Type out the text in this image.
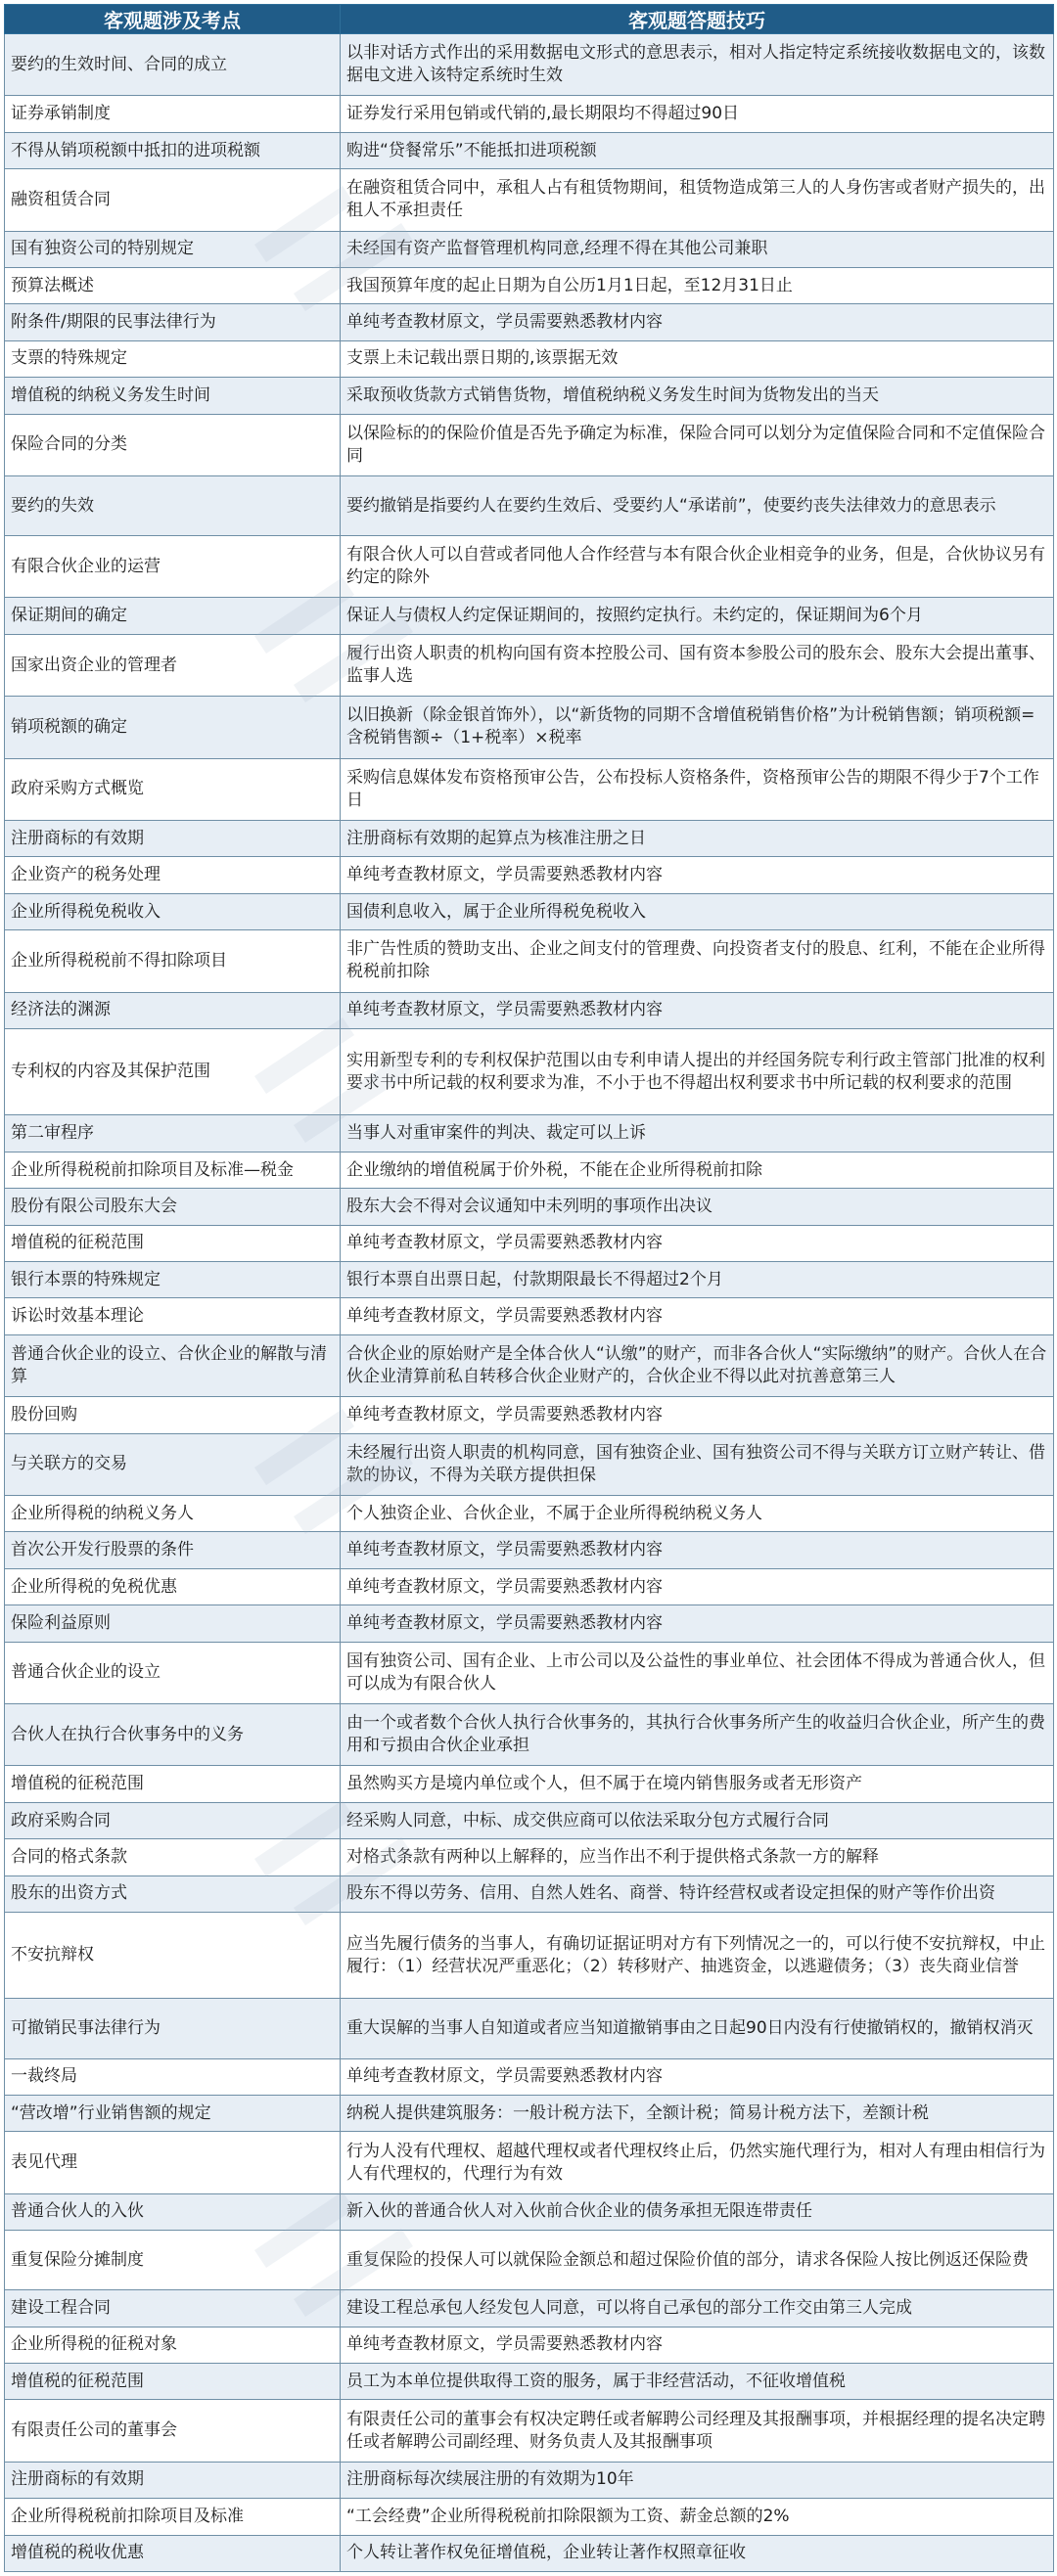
客观题涉及考点	客观题答题技巧
要约的生效时间、合同的成立	以非对话方式作出的采用数据电文形式的意思表示，相对人指定特定系统接收数据电文的，该数据电文进入该特定系统时生效
证券承销制度	证券发行采用包销或代销的,最长期限均不得超过90日
不得从销项税额中抵扣的进项税额	购进“贷餐常乐”不能抵扣进项税额
融资租赁合同	在融资租赁合同中，承租人占有租赁物期间，租赁物造成第三人的人身伤害或者财产损失的，出租人不承担责任
国有独资公司的特别规定	未经国有资产监督管理机构同意,经理不得在其他公司兼职
预算法概述	我国预算年度的起止日期为自公历1月1日起，至12月31日止
附条件/期限的民事法律行为	单纯考查教材原文，学员需要熟悉教材内容
支票的特殊规定	支票上未记载出票日期的,该票据无效
增值税的纳税义务发生时间	采取预收货款方式销售货物，增值税纳税义务发生时间为货物发出的当天
保险合同的分类	以保险标的的保险价值是否先予确定为标准，保险合同可以划分为定值保险合同和不定值保险合同
要约的失效	要约撤销是指要约人在要约生效后、受要约人“承诺前”，使要约丧失法律效力的意思表示
有限合伙企业的运营	有限合伙人可以自营或者同他人合作经营与本有限合伙企业相竞争的业务，但是，合伙协议另有约定的除外
保证期间的确定	保证人与债权人约定保证期间的，按照约定执行。未约定的，保证期间为6个月
国家出资企业的管理者	履行出资人职责的机构向国有资本控股公司、国有资本参股公司的股东会、股东大会提出董事、监事人选
销项税额的确定	以旧换新（除金银首饰外），以“新货物的同期不含增值税销售价格”为计税销售额；销项税额=含税销售额÷（1+税率）×税率
政府采购方式概览	采购信息媒体发布资格预审公告，公布投标人资格条件，资格预审公告的期限不得少于7个工作日
注册商标的有效期	注册商标有效期的起算点为核准注册之日
企业资产的税务处理	单纯考查教材原文，学员需要熟悉教材内容
企业所得税免税收入	国债利息收入，属于企业所得税免税收入
企业所得税税前不得扣除项目	非广告性质的赞助支出、企业之间支付的管理费、向投资者支付的股息、红利，不能在企业所得税税前扣除
经济法的渊源	单纯考查教材原文，学员需要熟悉教材内容
专利权的内容及其保护范围	实用新型专利的专利权保护范围以由专利申请人提出的并经国务院专利行政主管部门批准的权利要求书中所记载的权利要求为准，不小于也不得超出权利要求书中所记载的权利要求的范围
第二审程序	当事人对重审案件的判决、裁定可以上诉
企业所得税税前扣除项目及标准—税金	企业缴纳的增值税属于价外税，不能在企业所得税前扣除
股份有限公司股东大会	股东大会不得对会议通知中未列明的事项作出决议
增值税的征税范围	单纯考查教材原文，学员需要熟悉教材内容
银行本票的特殊规定	银行本票自出票日起，付款期限最长不得超过2个月
诉讼时效基本理论	单纯考查教材原文，学员需要熟悉教材内容
普通合伙企业的设立、合伙企业的解散与清算	合伙企业的原始财产是全体合伙人“认缴”的财产，而非各合伙人“实际缴纳”的财产。合伙人在合伙企业清算前私自转移合伙企业财产的，合伙企业不得以此对抗善意第三人
股份回购	单纯考查教材原文，学员需要熟悉教材内容
与关联方的交易	未经履行出资人职责的机构同意，国有独资企业、国有独资公司不得与关联方订立财产转让、借款的协议，不得为关联方提供担保
企业所得税的纳税义务人	个人独资企业、合伙企业，不属于企业所得税纳税义务人
首次公开发行股票的条件	单纯考查教材原文，学员需要熟悉教材内容
企业所得税的免税优惠	单纯考查教材原文，学员需要熟悉教材内容
保险利益原则	单纯考查教材原文，学员需要熟悉教材内容
普通合伙企业的设立	国有独资公司、国有企业、上市公司以及公益性的事业单位、社会团体不得成为普通合伙人，但可以成为有限合伙人
合伙人在执行合伙事务中的义务	由一个或者数个合伙人执行合伙事务的，其执行合伙事务所产生的收益归合伙企业，所产生的费用和亏损由合伙企业承担
增值税的征税范围	虽然购买方是境内单位或个人，但不属于在境内销售服务或者无形资产
政府采购合同	经采购人同意，中标、成交供应商可以依法采取分包方式履行合同
合同的格式条款	对格式条款有两种以上解释的，应当作出不利于提供格式条款一方的解释
股东的出资方式	股东不得以劳务、信用、自然人姓名、商誉、特许经营权或者设定担保的财产等作价出资
不安抗辩权	应当先履行债务的当事人，有确切证据证明对方有下列情况之一的，可以行使不安抗辩权，中止履行：（1）经营状况严重恶化；（2）转移财产、抽逃资金，以逃避债务；（3）丧失商业信誉
可撤销民事法律行为	重大误解的当事人自知道或者应当知道撤销事由之日起90日内没有行使撤销权的，撤销权消灭
一裁终局	单纯考查教材原文，学员需要熟悉教材内容
“营改增”行业销售额的规定	纳税人提供建筑服务：一般计税方法下，全额计税；简易计税方法下，差额计税
表见代理	行为人没有代理权、超越代理权或者代理权终止后，仍然实施代理行为，相对人有理由相信行为人有代理权的，代理行为有效
普通合伙人的入伙	新入伙的普通合伙人对入伙前合伙企业的债务承担无限连带责任
重复保险分摊制度	重复保险的投保人可以就保险金额总和超过保险价值的部分，请求各保险人按比例返还保险费
建设工程合同	建设工程总承包人经发包人同意，可以将自己承包的部分工作交由第三人完成
企业所得税的征税对象	单纯考查教材原文，学员需要熟悉教材内容
增值税的征税范围	员工为本单位提供取得工资的服务，属于非经营活动，不征收增值税
有限责任公司的董事会	有限责任公司的董事会有权决定聘任或者解聘公司经理及其报酬事项，并根据经理的提名决定聘任或者解聘公司副经理、财务负责人及其报酬事项
注册商标的有效期	注册商标每次续展注册的有效期为10年
企业所得税税前扣除项目及标准	“工会经费”企业所得税税前扣除限额为工资、薪金总额的2%
增值税的税收优惠	个人转让著作权免征增值税，企业转让著作权照章征收
